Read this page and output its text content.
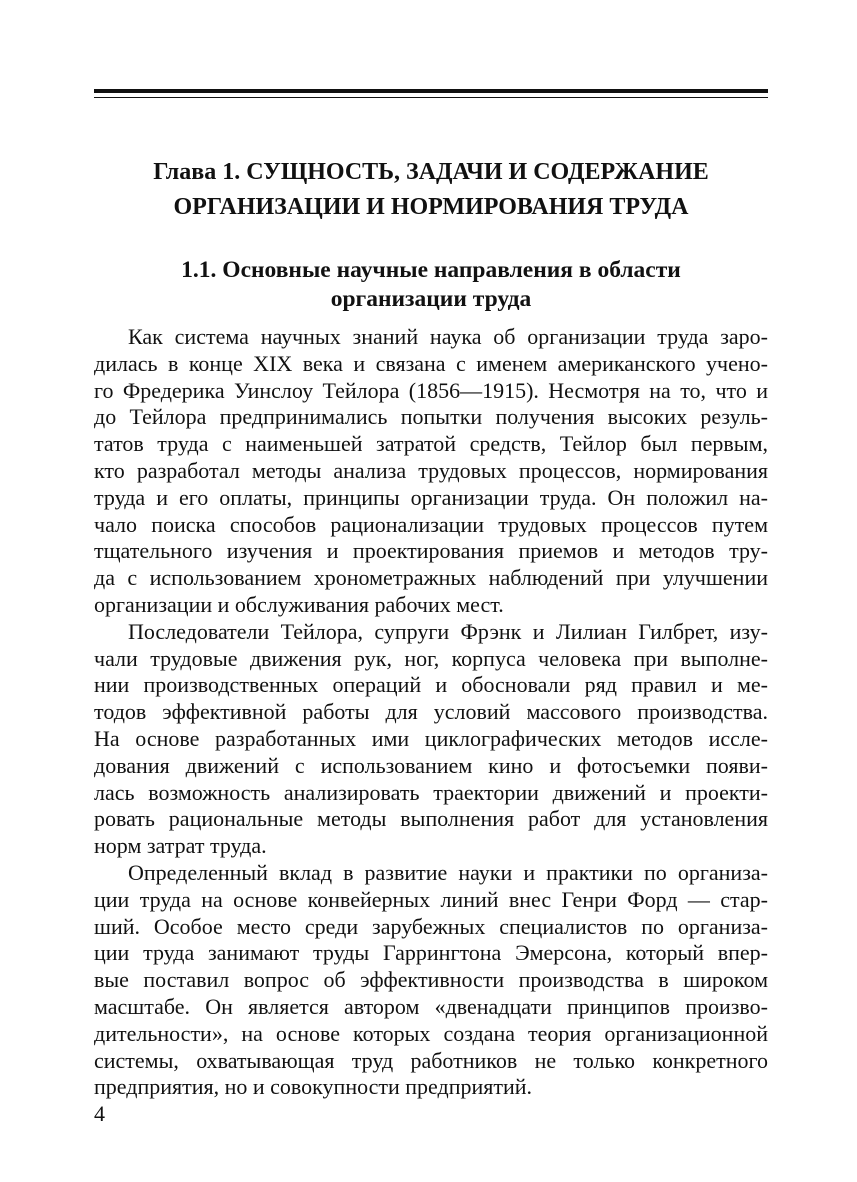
Глава 1. СУЩНОСТЬ, ЗАДАЧИ И СОДЕРЖАНИЕ
ОРГАНИЗАЦИИ И НОРМИРОВАНИЯ ТРУДА
1.1. Основные научные направления в области
организации труда
Как система научных знаний наука об организации труда заро-
дилась в конце XIX века и связана с именем американского учено-
го Фредерика Уинслоу Тейлора (1856—1915). Несмотря на то, что и
до Тейлора предпринимались попытки получения высоких резуль-
татов труда с наименьшей затратой средств, Тейлор был первым,
кто разработал методы анализа трудовых процессов, нормирования
труда и его оплаты, принципы организации труда. Он положил на-
чало поиска способов рационализации трудовых процессов путем
тщательного изучения и проектирования приемов и методов тру-
да с использованием хронометражных наблюдений при улучшении
организации и обслуживания рабочих мест.
Последователи Тейлора, супруги Фрэнк и Лилиан Гилбрет, изу-
чали трудовые движения рук, ног, корпуса человека при выполне-
нии производственных операций и обосновали ряд правил и ме-
тодов эффективной работы для условий массового производства.
На основе разработанных ими циклографических методов иссле-
дования движений с использованием кино и фотосъемки появи-
лась возможность анализировать траектории движений и проекти-
ровать рациональные методы выполнения работ для установления
норм затрат труда.
Определенный вклад в развитие науки и практики по организа-
ции труда на основе конвейерных линий внес Генри Форд — стар-
ший. Особое место среди зарубежных специалистов по организа-
ции труда занимают труды Гаррингтона Эмерсона, который впер-
вые поставил вопрос об эффективности производства в широком
масштабе. Он является автором «двенадцати принципов произво-
дительности», на основе которых создана теория организационной
системы, охватывающая труд работников не только конкретного
предприятия, но и совокупности предприятий.
4
